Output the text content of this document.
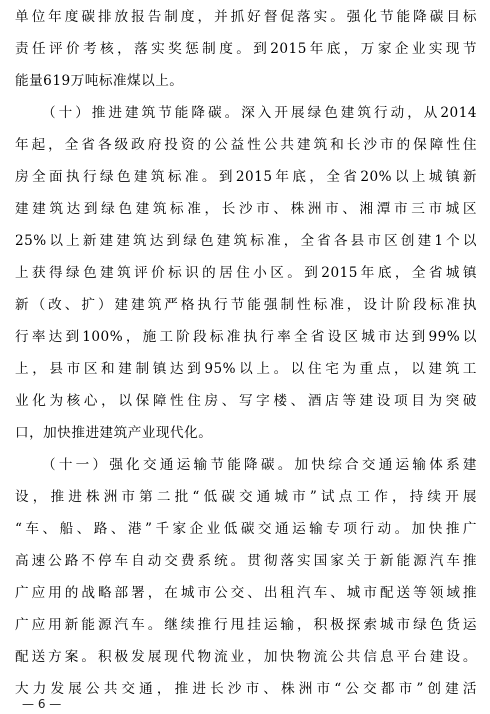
单位年度碳排放报告制度，并抓好督促落实。强化节能降碳目标
责任评价考核，落实奖惩制度。到2015年底，万家企业实现节
能量619万吨标准煤以上。
（十）推进建筑节能降碳。深入开展绿色建筑行动，从2014
年起，全省各级政府投资的公益性公共建筑和长沙市的保障性住
房全面执行绿色建筑标准。到2015年底，全省20%以上城镇新
建建筑达到绿色建筑标准，长沙市、株洲市、湘潭市三市城区
25%以上新建建筑达到绿色建筑标准，全省各县市区创建1个以
上获得绿色建筑评价标识的居住小区。到2015年底，全省城镇
新（改、扩）建建筑严格执行节能强制性标准，设计阶段标准执
行率达到100%，施工阶段标准执行率全省设区城市达到99%以
上，县市区和建制镇达到95%以上。以住宅为重点，以建筑工
业化为核心，以保障性住房、写字楼、酒店等建设项目为突破
口，加快推进建筑产业现代化。
（十一）强化交通运输节能降碳。加快综合交通运输体系建
设，推进株洲市第二批“低碳交通城市”试点工作，持续开展
“车、船、路、港”千家企业低碳交通运输专项行动。加快推广
高速公路不停车自动交费系统。贯彻落实国家关于新能源汽车推
广应用的战略部署，在城市公交、出租汽车、城市配送等领域推
广应用新能源汽车。继续推行甩挂运输，积极探索城市绿色货运
配送方案。积极发展现代物流业，加快物流公共信息平台建设。
大力发展公共交通，推进长沙市、株洲市“公交都市”创建活
— 6 —
